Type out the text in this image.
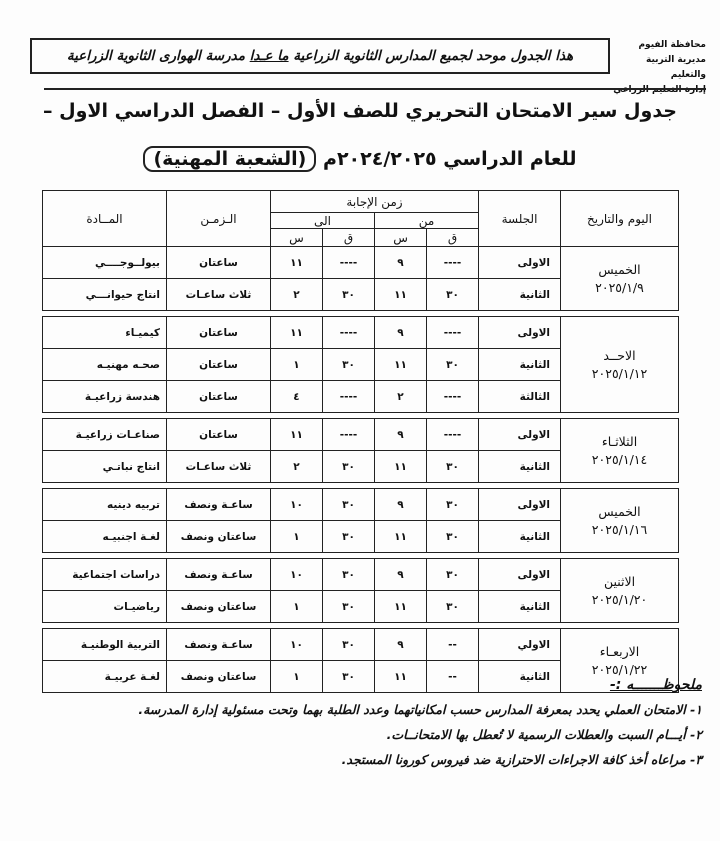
محافظة الفيوم
مديرية التربية والتعليم
إدارة التعليم الزراعي
هذا الجدول موحد لجميع المدارس الثانوية الزراعية

ما عـدا

مدرسة الهوارى الثانوية الزراعية
جدول سير الامتحان التحريري للصف الأول – الفصل الدراسي الاول –
للعام الدراسي ٢٠٢٤/٢٠٢٥م (الشعبة المهنية)
اليوم والتاريخ	الجلسة	زمن الإجابة				الـزمـن	المــادة
		من		الى			
		ق	س	ق	س		

الخميس
٢٠٢٥/١/٩	الاولى	----	٩	----	١١	ساعتان	بيولــوجــــي
	الثانية	٣٠	١١	٣٠	٢	ثلاث ساعـات	انتاج حيوانـــي

الاحــد
٢٠٢٥/١/١٢	الاولى	----	٩	----	١١	ساعتان	كيميـاء
	الثانية	٣٠	١١	٣٠	١	ساعتان	صحـه مهنيـه
	الثالثة	----	٢	----	٤	ساعتان	هندسة زراعيـة

الثلاثـاء
٢٠٢٥/١/١٤	الاولى	----	٩	----	١١	ساعتان	صناعـات زراعيـة
	الثانية	٣٠	١١	٣٠	٢	ثلاث ساعـات	انتاج نباتـي

الخميس
٢٠٢٥/١/١٦	الاولى	٣٠	٩	٣٠	١٠	ساعـة ونصف	تربيه دينيه
	الثانية	٣٠	١١	٣٠	١	ساعتان ونصف	لغـة اجنبيـه

الاثنين
٢٠٢٥/١/٢٠	الاولى	٣٠	٩	٣٠	١٠	ساعـة ونصف	دراسات اجتماعية
	الثانية	٣٠	١١	٣٠	١	ساعتان ونصف	رياضيـات

الاربعـاء
٢٠٢٥/١/٢٢	الاولي	--	٩	٣٠	١٠	ساعـة ونصف	التربية الوطنيـة
	الثانية	--	١١	٣٠	١	ساعتان ونصف	لغـة عربيـة
ملحوظـــــــه :-
١- الامتحان العملي يحدد بمعرفة المدارس حسب امكانياتهما وعدد الطلبة بهما وتحت مسئولية إدارة المدرسة.
٢- أيـــام السبت والعطلات الرسمية لا تُعطل بها الامتحانــات.
٣- مراعاه أخذ كافة الاجراءات الاحترازية ضد فيروس كورونا المستجد.
